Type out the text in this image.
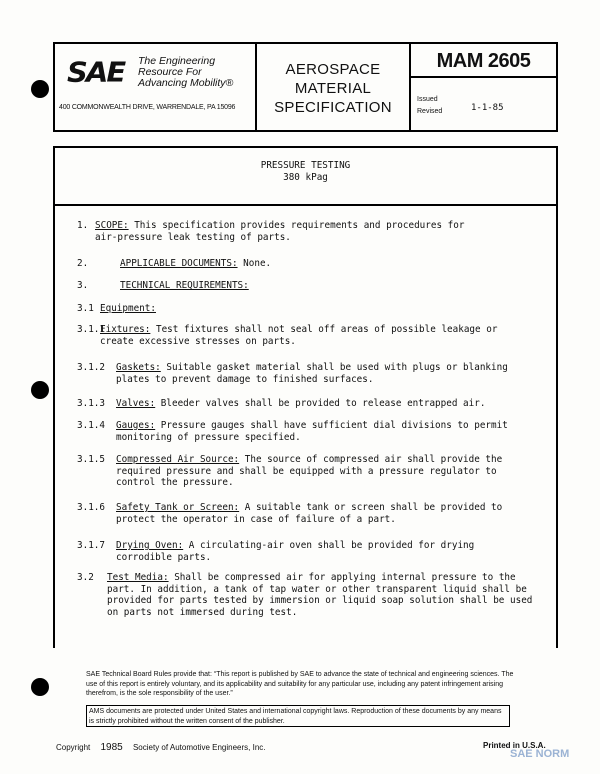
SAE The Engineering
Resource For
Advancing Mobility®
400 COMMONWEALTH DRIVE, WARRENDALE, PA 15096
AEROSPACE
MATERIAL
SPECIFICATION
MAM 2605
Issued
Revised	1-1-85
PRESSURE TESTING
380 kPag
1. SCOPE: This specification provides requirements and procedures for
air-pressure leak testing of parts.
2.	APPLICABLE DOCUMENTS: None.
3.	TECHNICAL REQUIREMENTS:
3.1 Equipment:
3.1.1
Fixtures: Test fixtures shall not seal off areas of possible leakage or
create excessive stresses on parts.
3.1.2 Gaskets: Suitable gasket material shall be used with plugs or blanking
plates to prevent damage to finished surfaces.
3.1.3 Valves: Bleeder valves shall be provided to release entrapped air.
3.1.4 Gauges: Pressure gauges shall have sufficient dial divisions to permit
monitoring of pressure specified.
3.1.5 Compressed Air Source: The source of compressed air shall provide the
required pressure and shall be equipped with a pressure regulator to
control the pressure.
3.1.6 Safety Tank or Screen: A suitable tank or screen shall be provided to
protect the operator in case of failure of a part.
3.1.7 Drying Oven: A circulating-air oven shall be provided for drying
corrodible parts.
3.2 Test Media: Shall be compressed air for applying internal pressure to the
part. In addition, a tank of tap water or other transparent liquid shall be
provided for parts tested by immersion or liquid soap solution shall be used
on parts not immersed during test.
SAE Technical Board Rules provide that: “This report is published by SAE to advance the state of technical and engineering sciences. The use of this report is entirely voluntary, and its applicability and suitability for any particular use, including any patent infringement arising therefrom, is the sole responsibility of the user.”
AMS documents are protected under United States and international copyright laws. Reproduction of these documents by any means is strictly prohibited without the written consent of the publisher.
Copyright 1985 Society of Automotive Engineers, Inc.	Printed in U.S.A.
SAE NORM
